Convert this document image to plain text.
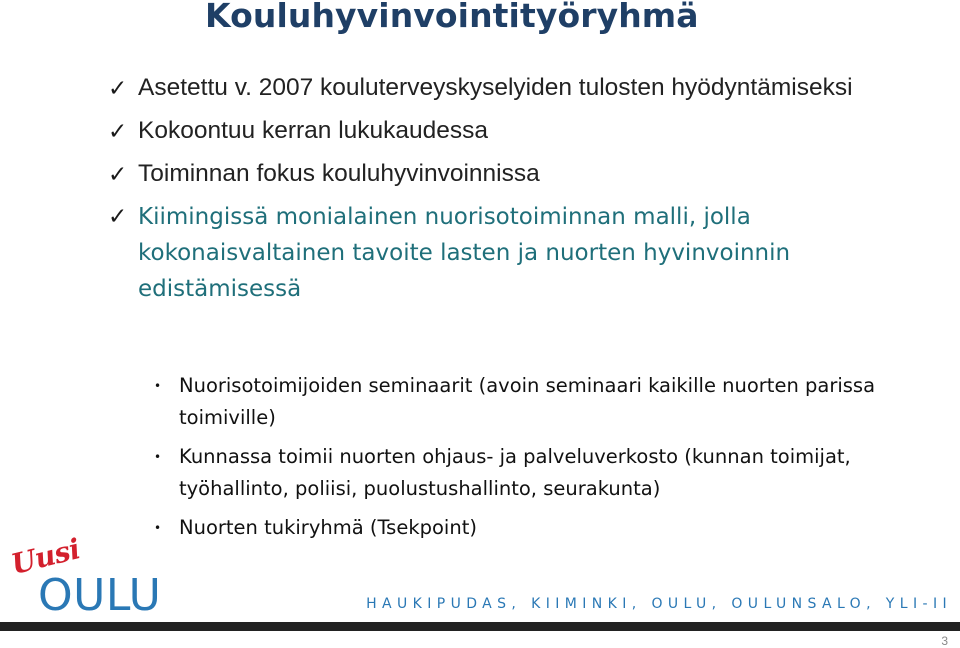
Kouluhyvinvointityöryhmä
✓ Asetettu v. 2007 kouluterveyskyselyiden tulosten hyödyntämiseksi
✓ Kokoontuu kerran lukukaudessa
✓ Toiminnan fokus kouluhyvinvoinnissa
✓ Kiimingissä monialainen nuorisotoiminnan malli, jolla kokonaisvaltainen tavoite lasten ja nuorten hyvinvoinnin edistämisessä
• Nuorisotoimijoiden seminaarit (avoin seminaari kaikille nuorten parissa toimiville)
• Kunnassa toimii nuorten ohjaus- ja palveluverkosto (kunnan toimijat, työhallinto, poliisi, puolustushallinto, seurakunta)
• Nuorten tukiryhmä (Tsekpoint)
Uusi
OULU	HAUKIPUDAS, KIIMINKI, OULU, OULUNSALO, YLI-II
3
